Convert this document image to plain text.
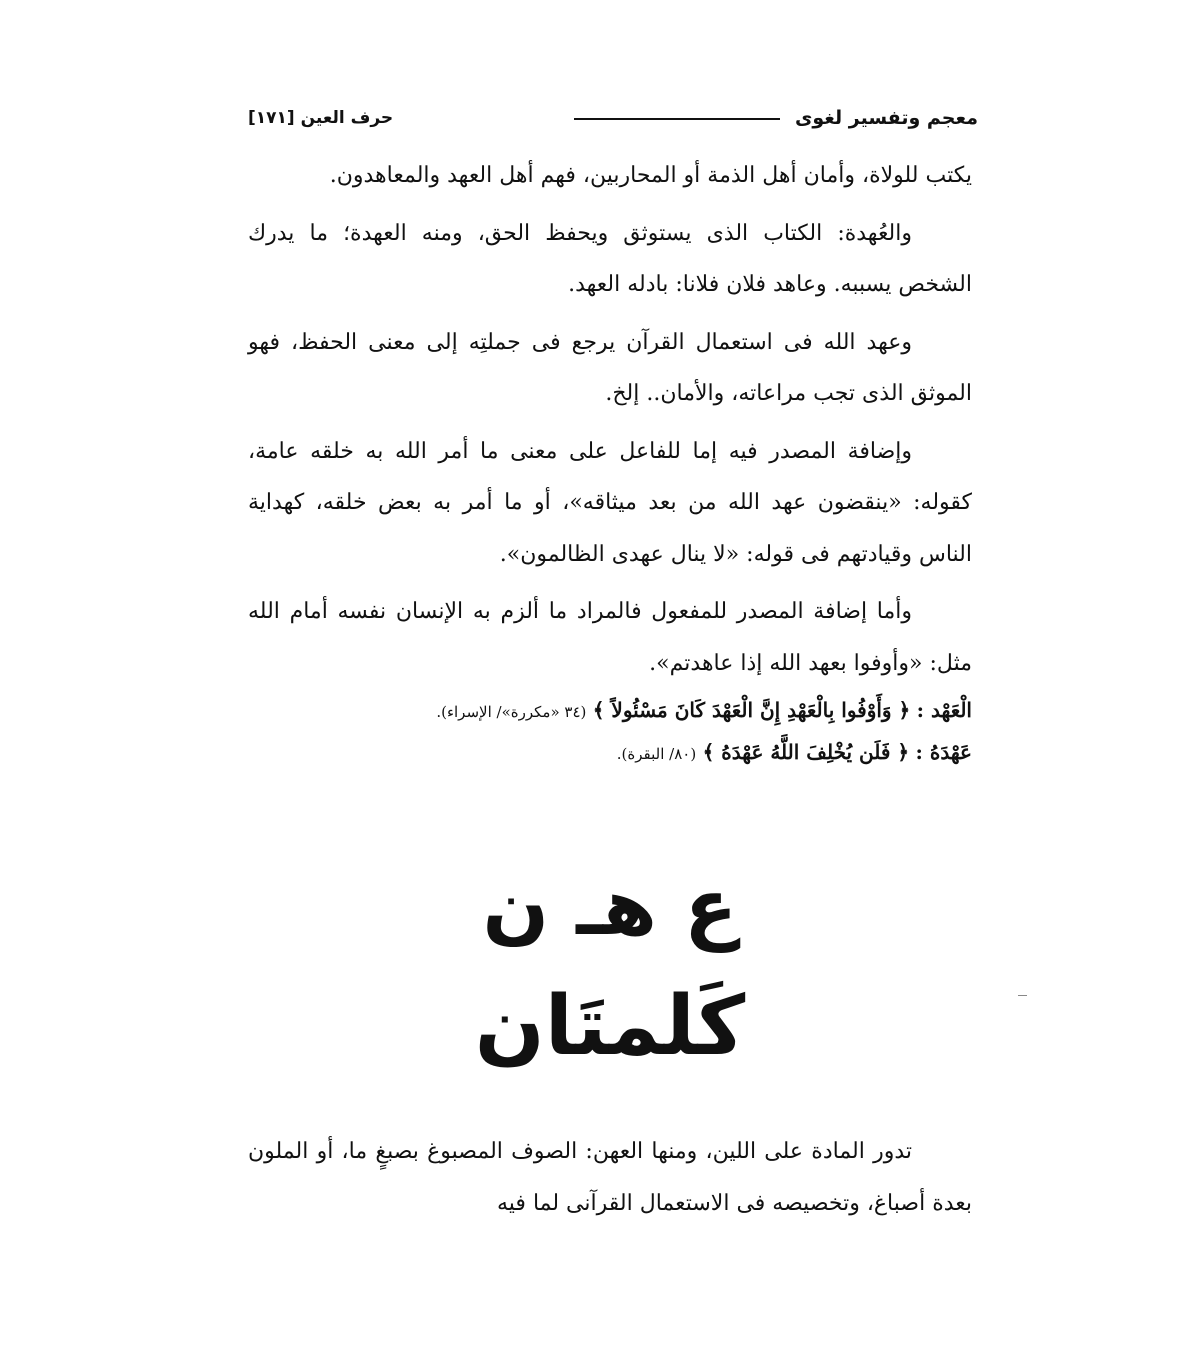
معجم وتفسير لغوى
حرف العين [١٧١]

يكتب للولاة، وأمان أهل الذمة أو المحاربين، فهم أهل العهد والمعاهدون.

والعُهدة: الكتاب الذى يستوثق ويحفظ الحق، ومنه العهدة؛ ما يدرك الشخص يسببه. وعاهد فلان فلانا: بادله العهد.

وعهد الله فى استعمال القرآن يرجع فى جملتِه إلى معنى الحفظ، فهو الموثق الذى تجب مراعاته، والأمان.. إلخ.

وإضافة المصدر فيه إما للفاعل على معنى ما أمر الله به خلقه عامة، كقوله: «ينقضون عهد الله من بعد ميثاقه»، أو ما أمر به بعض خلقه، كهداية الناس وقيادتهم فى قوله: «لا ينال عهدى الظالمون».

وأما إضافة المصدر للمفعول فالمراد ما ألزم به الإنسان نفسه أمام الله مثل: «وأوفوا بعهد الله إذا عاهدتم».

الْعَهْد : ﴿ وَأَوْفُوا بِالْعَهْدِ إِنَّ الْعَهْدَ كَانَ مَسْئُولاً ﴾ (٣٤ «مكررة»/ الإسراء).
عَهْدَهُ : ﴿ فَلَن يُخْلِفَ اللَّهُ عَهْدَهُ ﴾ (٨٠/ البقرة).
ع هـ ن
كَلمتَان

تدور المادة على اللين، ومنها العهن: الصوف المصبوغ بصبغٍ ما، أو الملون بعدة أصباغ، وتخصيصه فى الاستعمال القرآنى لما فيه
